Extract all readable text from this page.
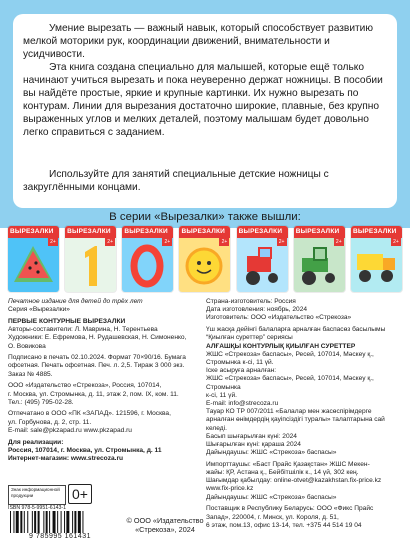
Умение вырезать — важный навык, который способствует развитию мелкой моторики рук, координации движений, внимательности и усидчивости.

Эта книга создана специально для малышей, которые ещё только начинают учиться вырезать и пока неуверенно держат ножницы. В пособии вы найдёте простые, яркие и крупные картинки. Их нужно вырезать по контурам. Линии для вырезания достаточно широкие, плавные, без крупно выраженных углов и мелких деталей, поэтому малышам будет довольно легко справиться с заданием.

Используйте для занятий специальные детские ножницы с закруглёнными концами.

В серии «Вырезалки» также вышли:
ВЫРЕЗАЛКИ
2+
ВЫРЕЗАЛКИ
2+
ВЫРЕЗАЛКИ
2+
ВЫРЕЗАЛКИ
2+
ВЫРЕЗАЛКИ
2+
ВЫРЕЗАЛКИ
2+
ВЫРЕЗАЛКИ
2+

Печатное издание для детей до трёх лет

Серия «Вырезалки»

ПЕРВЫЕ КОНТУРНЫЕ ВЫРЕЗАЛКИ

Авторы-составители: Л. Маврина, Н. Терентьева

Художники: Е. Ефремова, Н. Рудашевская, Н. Симоненко,

О. Вовикова

Подписано в печать 02.10.2024. Формат 70×90/16. Бумага

офсетная. Печать офсетная. Печ. л. 2,5. Тираж 3 000 экз.

Заказ № 4885.

ООО «Издательство «Стрекоза», Россия, 107014,

г. Москва, ул. Стромынка, д. 11, этаж 2, пом. IX, ком. 11.

Тел.: (495) 795-02-28.

Отпечатано в ООО «ПК «ЗАПАД». 121596, г. Москва,

ул. Горбунова, д. 2, стр. 11.

E-mail: sale@pkzapad.ru www.pkzapad.ru

Для реализации:

Россия, 107014, г. Москва, ул. Стромынка, д. 11

Интернет-магазин: www.strecoza.ru

Страна-изготовитель: Россия

Дата изготовления: ноябрь, 2024

Изготовитель: ООО «Издательство «Стрекоза»

Үш жасқа дейінгі балаларға арналған баспасөз басылымы

“Қиылған суреттер” сериясы

АЛҒАШҚЫ КОНТУРЛЫҚ ҚИЫЛҒАН СУРЕТТЕР

ЖШС «Стрекоза» баспасы», Ресей, 107014, Мәскеу қ.,

Стромынка к-сі, 11 үй.

Іске асыруға арналған:

ЖШС «Стрекоза» баспасы», Ресей, 107014, Мәскеу қ., Стромынка

к-сі, 11 үй.

E-mail: info@strecoza.ru

Тауар КО ТР 007/2011 «Балалар мен жасөспірімдерге

арналған өнімдердің қауіпсіздігі туралы» талаптарына сай

келеді.

Басып шығарылған күні: 2024

Шығарылған күні: қараша 2024

Дайындаушы: ЖШС «Стрекоза» баспасы»

Импорттаушы: «Баст Прайс Қазақстан» ЖШС Мекен-

жайы: ҚР, Астана қ., Бейбітшілік к., 14 үй, 302 кең.

Шағымдар қабылдау: online-otvet@kazakhstan.fix-price.kz

www.fix-price.kz

Дайындаушы: ЖШС «Стрекоза» баспасы»

Поставщик в Республику Беларусь: ООО «Фикс Прайс

Запад», 220004, г. Минск, ул. Короля, д. 51,

6 этаж, пом.13, офис 13-14, тел. +375 44 514 19 04

Знак информационной продукции	0+
ISBN 978-5-9951-6143-1
9 785995 161431
© ООО «Издательство
«Стрекоза», 2024
